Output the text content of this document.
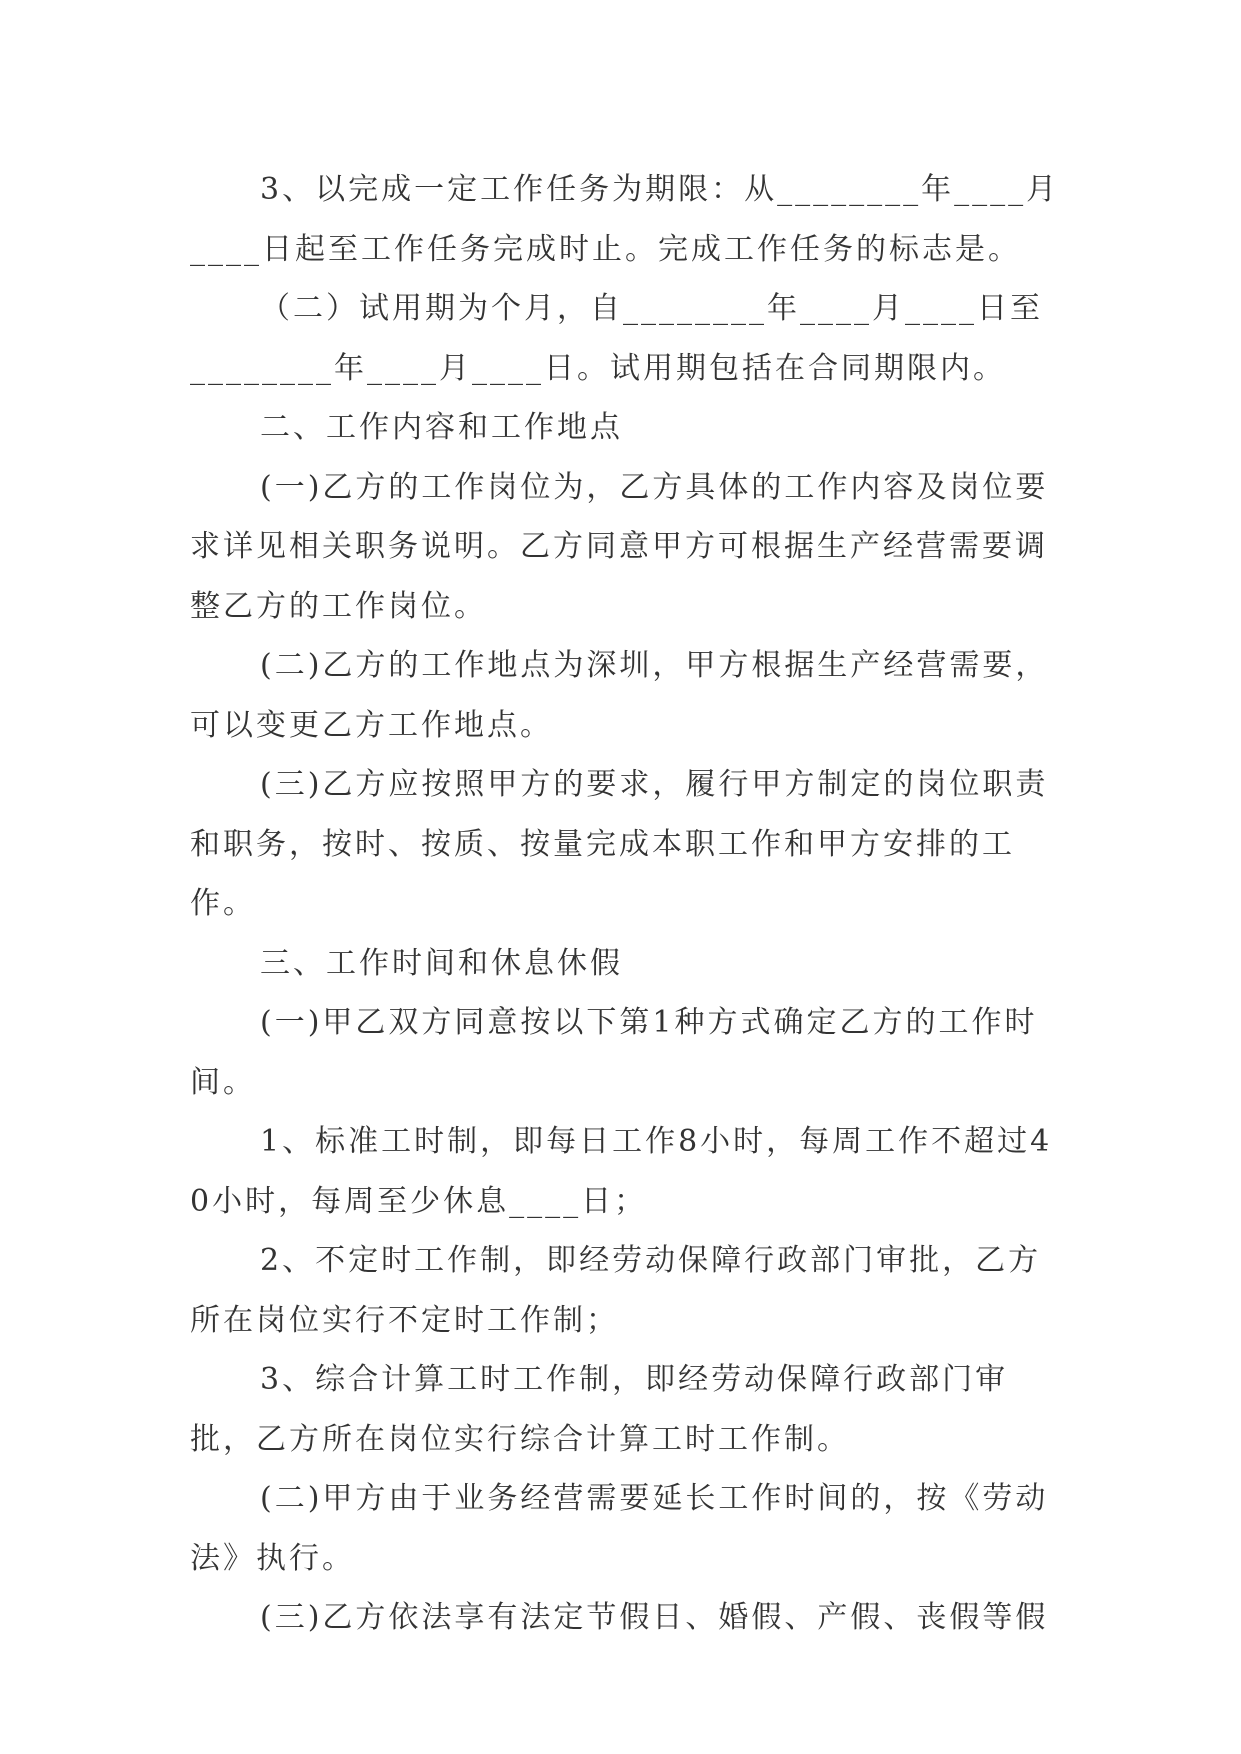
3、以完成一定工作任务为期限：从________年____月____日起至工作任务完成时止。完成工作任务的标志是。

（二）试用期为个月，自________年____月____日至________年____月____日。试用期包括在合同期限内。

二、工作内容和工作地点

(一)乙方的工作岗位为，乙方具体的工作内容及岗位要求详见相关职务说明。乙方同意甲方可根据生产经营需要调整乙方的工作岗位。

(二)乙方的工作地点为深圳，甲方根据生产经营需要，可以变更乙方工作地点。

(三)乙方应按照甲方的要求，履行甲方制定的岗位职责和职务，按时、按质、按量完成本职工作和甲方安排的工作。

三、工作时间和休息休假

(一)甲乙双方同意按以下第1种方式确定乙方的工作时间。

1、标准工时制，即每日工作8小时，每周工作不超过40小时，每周至少休息____日；

2、不定时工作制，即经劳动保障行政部门审批，乙方所在岗位实行不定时工作制；

3、综合计算工时工作制，即经劳动保障行政部门审批，乙方所在岗位实行综合计算工时工作制。

(二)甲方由于业务经营需要延长工作时间的，按《劳动法》执行。

(三)乙方依法享有法定节假日、婚假、产假、丧假等假
